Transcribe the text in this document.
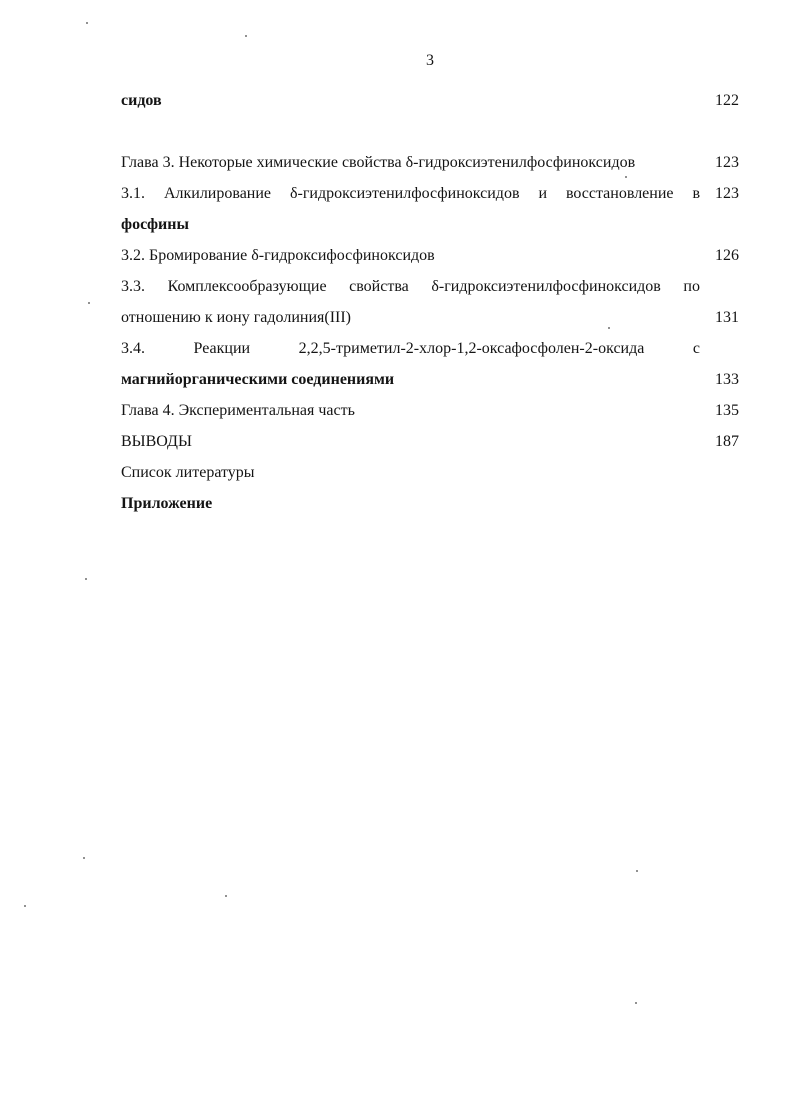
3
сидов	122
Глава 3. Некоторые химические свойства δ-гидроксиэтенилфосфиноксидов	123
3.1. Алкилирование δ-гидроксиэтенилфосфиноксидов и восстановление в 123
фосфины
3.2. Бромирование δ-гидроксифосфиноксидов	126
3.3. Комплексообразующие свойства δ-гидроксиэтенилфосфиноксидов по
отношению к иону гадолиния(III)	131
3.4. Реакции 2,2,5-триметил-2-хлор-1,2-оксафосфолен-2-оксида с
магнийорганическими соединениями	133
Глава 4. Экспериментальная часть	135
ВЫВОДЫ	187
Список литературы
Приложение
